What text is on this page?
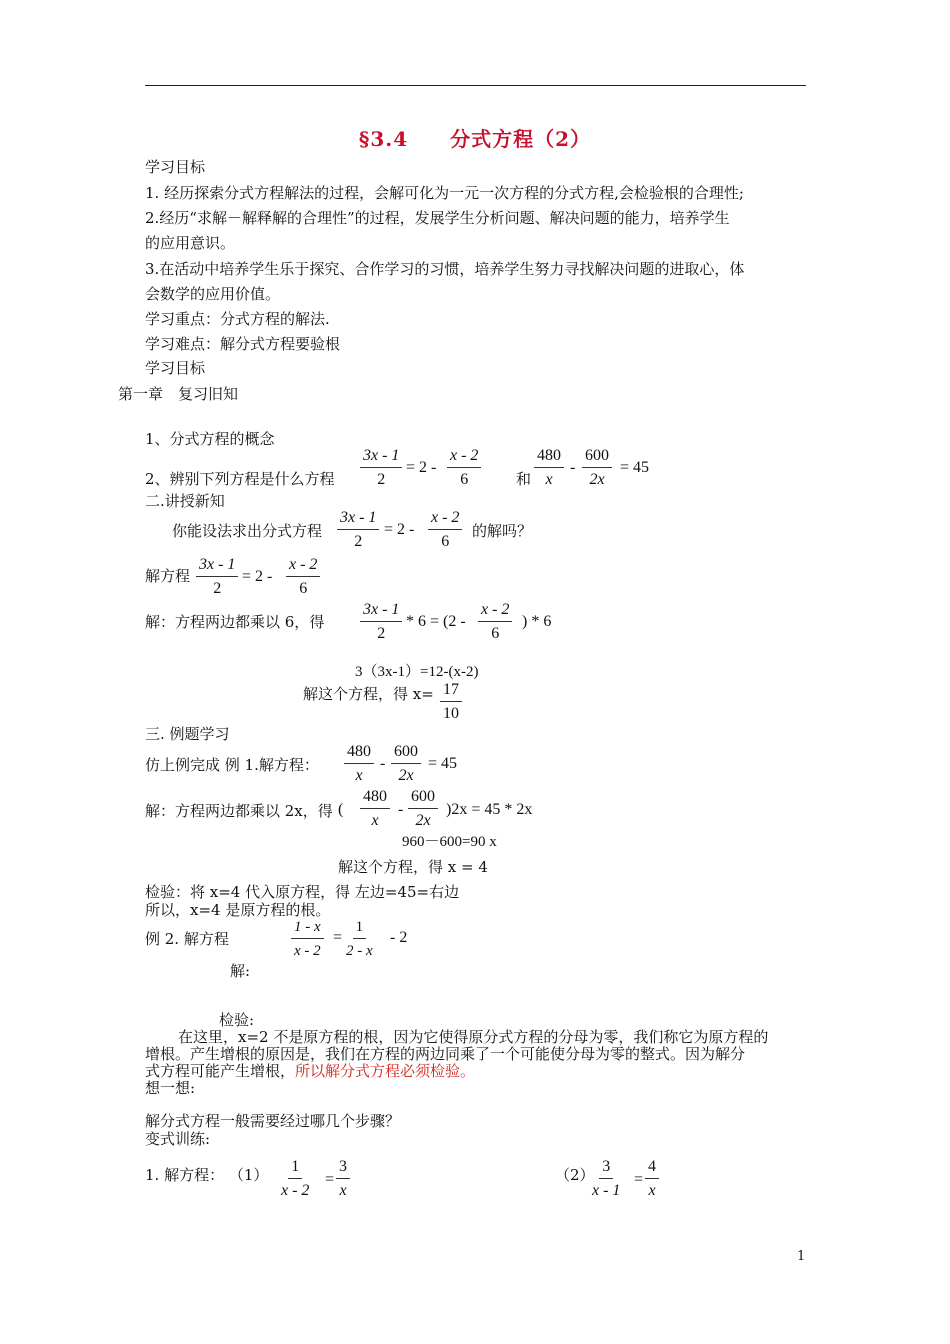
§3.4　　分式方程（2）
学习目标
1. 经历探索分式方程解法的过程，会解可化为一元一次方程的分式方程,会检验根的合理性;
2.经历“求解－解释解的合理性”的过程，发展学生分析问题、解决问题的能力，培养学生
的应用意识。
3.在活动中培养学生乐于探究、合作学习的习惯，培养学生努力寻找解决问题的进取心，体
会数学的应用价值。
学习重点：分式方程的解法.
学习难点：解分式方程要验根
学习目标
第一章　复习旧知
1、分式方程的概念
2、辨别下列方程是什么方程 $\frac{3x - 1}{2} = 2 - \frac{x - 2}{6}$ 和 $\frac{480}{x} - \frac{600}{2x} = 45$
二.讲授新知
你能设法求出分式方程 $\frac{3x - 1}{2} = 2 - \frac{x - 2}{6}$ 的解吗？
解方程 $\frac{3x - 1}{2} = 2 - \frac{x - 2}{6}$
解：方程两边都乘以 6，得 $\frac{3x - 1}{2} * 6 = (2 - \frac{x - 2}{6}$ ) * 6
3（3x-1）=12-(x-2)
解这个方程，得 $x= \frac{17}{10}$
三. 例题学习
仿上例完成 例 1.解方程： $\frac{480}{x} - \frac{600}{2x} = 45$
解：方程两边都乘以 2x，得 ( $\frac{480}{x} - \frac{600}{2x} )2x = 45 * 2x$
960－600=90 x
解这个方程，得 x = 4
检验：将 x=4 代入原方程，得 左边=45=右边
所以，x=4 是原方程的根。
例 2. 解方程	$\frac{1 - x}{x - 2} = \frac{1}{2 - x} - 2$
解:
检验:
在这里，x=2 不是原方程的根，因为它使得原分式方程的分母为零，我们称它为原方程的
增根。产生增根的原因是，我们在方程的两边同乘了一个可能使分母为零的整式。因为解分
式方程可能产生增根，所以解分式方程必须检验。
想一想:
解分式方程一般需要经过哪几个步骤？
变式训练:
1. 解方程： $(1) \frac{1}{x - 2} = \frac{3}{x}$	（2）
$\frac{3}{x - 1} = \frac{4}{x}$
1
